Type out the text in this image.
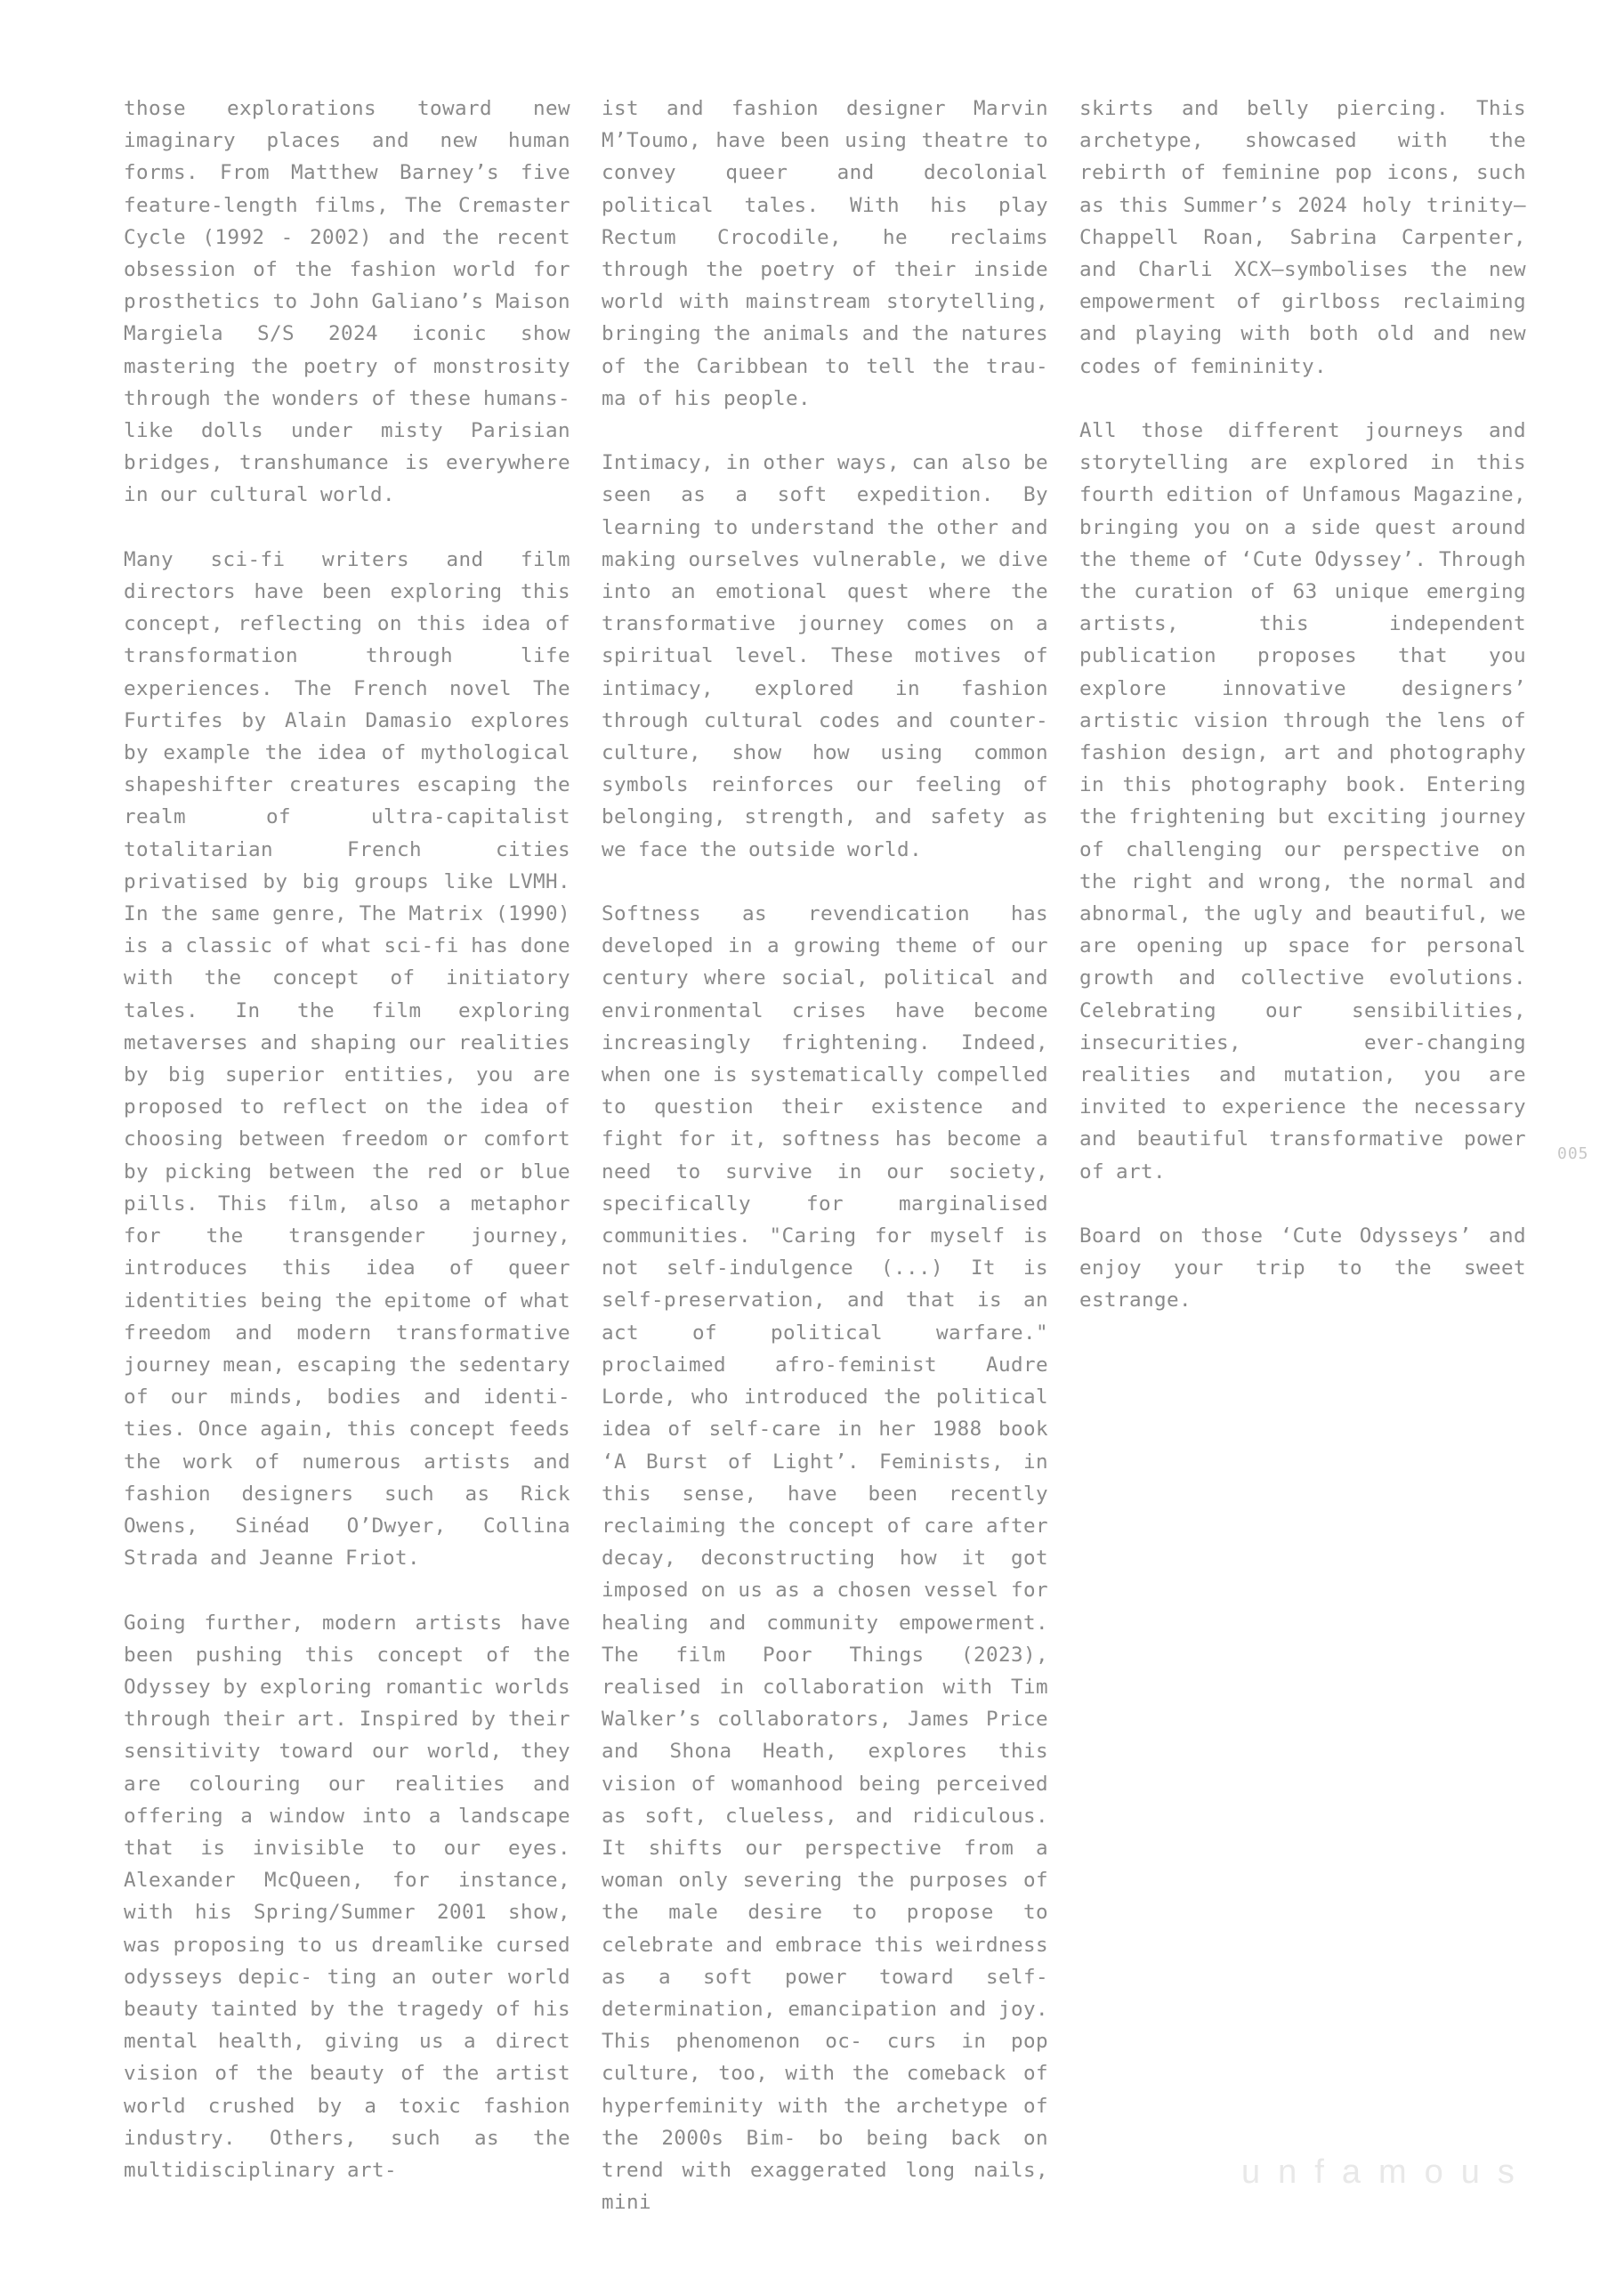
those explorations toward new imaginary places and new human forms. From Matthew Barney’s five feature-length films, The Cremaster Cycle (1992 - 2002) and the recent obsession of the fashion world for prosthetics to John Galiano’s Maison Margiela S/S 2024 iconic show mastering the poetry of monstrosity through the wonders of these humans-like dolls under misty Parisian bridges, transhumance is everywhere in our cultural world.

Many sci-fi writers and film directors have been exploring this concept, reflecting on this idea of transformation through life experiences. The French novel The Furtifes by Alain Damasio explores by example the idea of mythological shapeshifter creatures escaping the realm of ultra-capitalist totalitarian French cities privatised by big groups like LVMH. In the same genre, The Matrix (1990) is a classic of what sci-fi has done with the concept of initiatory tales. In the film exploring metaverses and shaping our realities by big superior entities, you are proposed to reflect on the idea of choosing between freedom or comfort by picking between the red or blue pills. This film, also a metaphor for the transgender journey, introduces this idea of queer identities being the epitome of what freedom and modern transformative journey mean, escaping the sedentary of our minds, bodies and identi- ties. Once again, this concept feeds the work of numerous artists and fashion designers such as Rick Owens, Sinéad O’Dwyer, Collina Strada and Jeanne Friot.

Going further, modern artists have been pushing this concept of the Odyssey by exploring romantic worlds through their art. Inspired by their sensitivity toward our world, they are colouring our realities and offering a window into a landscape that is invisible to our eyes. Alexander McQueen, for instance, with his Spring/Summer 2001 show, was proposing to us dreamlike cursed odysseys depic- ting an outer world beauty tainted by the tragedy of his mental health, giving us a direct vision of the beauty of the artist world crushed by a toxic fashion industry. Others, such as the multidisciplinary art-

ist and fashion designer Marvin M’Toumo, have been using theatre to convey queer and decolonial political tales. With his play Rectum Crocodile, he reclaims through the poetry of their inside world with mainstream storytelling, bringing the animals and the natures of the Caribbean to tell the trau- ma of his people.

Intimacy, in other ways, can also be seen as a soft expedition. By learning to understand the other and making ourselves vulnerable, we dive into an emotional quest where the transformative journey comes on a spiritual level. These motives of intimacy, explored in fashion through cultural codes and counter-culture, show how using common symbols reinforces our feeling of belonging, strength, and safety as we face the outside world.

Softness as revendication has developed in a growing theme of our century where social, political and environmental crises have become increasingly frightening. Indeed, when one is systematically compelled to question their existence and fight for it, softness has become a need to survive in our society, specifically for marginalised communities. "Caring for myself is not self-indulgence (...) It is self-preservation, and that is an act of political warfare." proclaimed afro-feminist Audre Lorde, who introduced the political idea of self-care in her 1988 book ‘A Burst of Light’. Feminists, in this sense, have been recently reclaiming the concept of care after decay, deconstructing how it got imposed on us as a chosen vessel for healing and community empowerment. The film Poor Things (2023), realised in collaboration with Tim Walker’s collaborators, James Price and Shona Heath, explores this vision of womanhood being perceived as soft, clueless, and ridiculous. It shifts our perspective from a woman only severing the purposes of the male desire to propose to celebrate and embrace this weirdness as a soft power toward self-determination, emancipation and joy. This phenomenon oc- curs in pop culture, too, with the comeback of hyperfeminity with the archetype of the 2000s Bim- bo being back on trend with exaggerated long nails, mini

skirts and belly piercing. This archetype, showcased with the rebirth of feminine pop icons, such as this Summer’s 2024 holy trinity—Chappell Roan, Sabrina Carpenter, and Charli XCX—symbolises the new empowerment of girlboss reclaiming and playing with both old and new codes of femininity.

All those different journeys and storytelling are explored in this fourth edition of Unfamous Magazine, bringing you on a side quest around the theme of ‘Cute Odyssey’. Through the curation of 63 unique emerging artists, this independent publication proposes that you explore innovative designers’ artistic vision through the lens of fashion design, art and photography in this photography book. Entering the frightening but exciting journey of challenging our perspective on the right and wrong, the normal and abnormal, the ugly and beautiful, we are opening up space for personal growth and collective evolutions. Celebrating our sensibilities, insecurities, ever-changing realities and mutation, you are invited to experience the necessary and beautiful transformative power of art.

Board on those ‘Cute Odysseys’ and enjoy your trip to the sweet estrange.

005
unfamous
